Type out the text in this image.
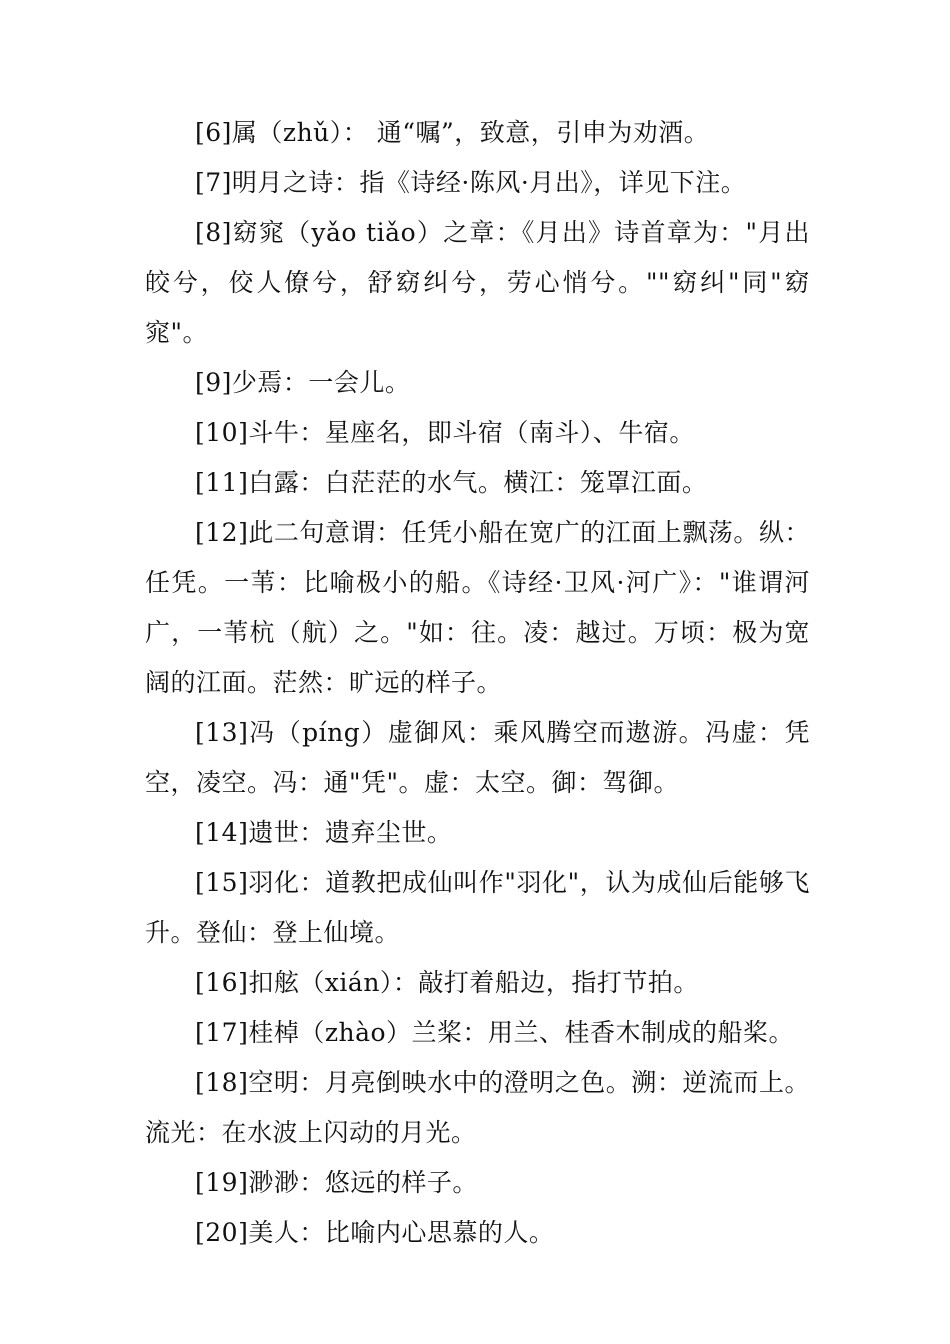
[6]属（zhǔ）： 通“嘱”，致意，引申为劝酒。

[7]明月之诗：指《诗经·陈风·月出》，详见下注。

[8]窈窕（yǎo tiǎo）之章：《月出》诗首章为："月出皎兮，佼人僚兮，舒窈纠兮，劳心悄兮。""窈纠"同"窈窕"。

[9]少焉：一会儿。

[10]斗牛：星座名，即斗宿（南斗）、牛宿。

[11]白露：白茫茫的水气。横江：笼罩江面。

[12]此二句意谓：任凭小船在宽广的江面上飘荡。纵：任凭。一苇：比喻极小的船。《诗经·卫风·河广》："谁谓河广，一苇杭（航）之。"如：往。凌：越过。万顷：极为宽阔的江面。茫然：旷远的样子。

[13]冯（píng）虚御风：乘风腾空而遨游。冯虚：凭空，凌空。冯：通"凭"。虚：太空。御：驾御。

[14]遗世：遗弃尘世。

[15]羽化：道教把成仙叫作"羽化"，认为成仙后能够飞升。登仙：登上仙境。

[16]扣舷（xián）：敲打着船边，指打节拍。

[17]桂棹（zhào）兰桨：用兰、桂香木制成的船桨。

[18]空明：月亮倒映水中的澄明之色。溯：逆流而上。流光：在水波上闪动的月光。

[19]渺渺：悠远的样子。

[20]美人：比喻内心思慕的人。
